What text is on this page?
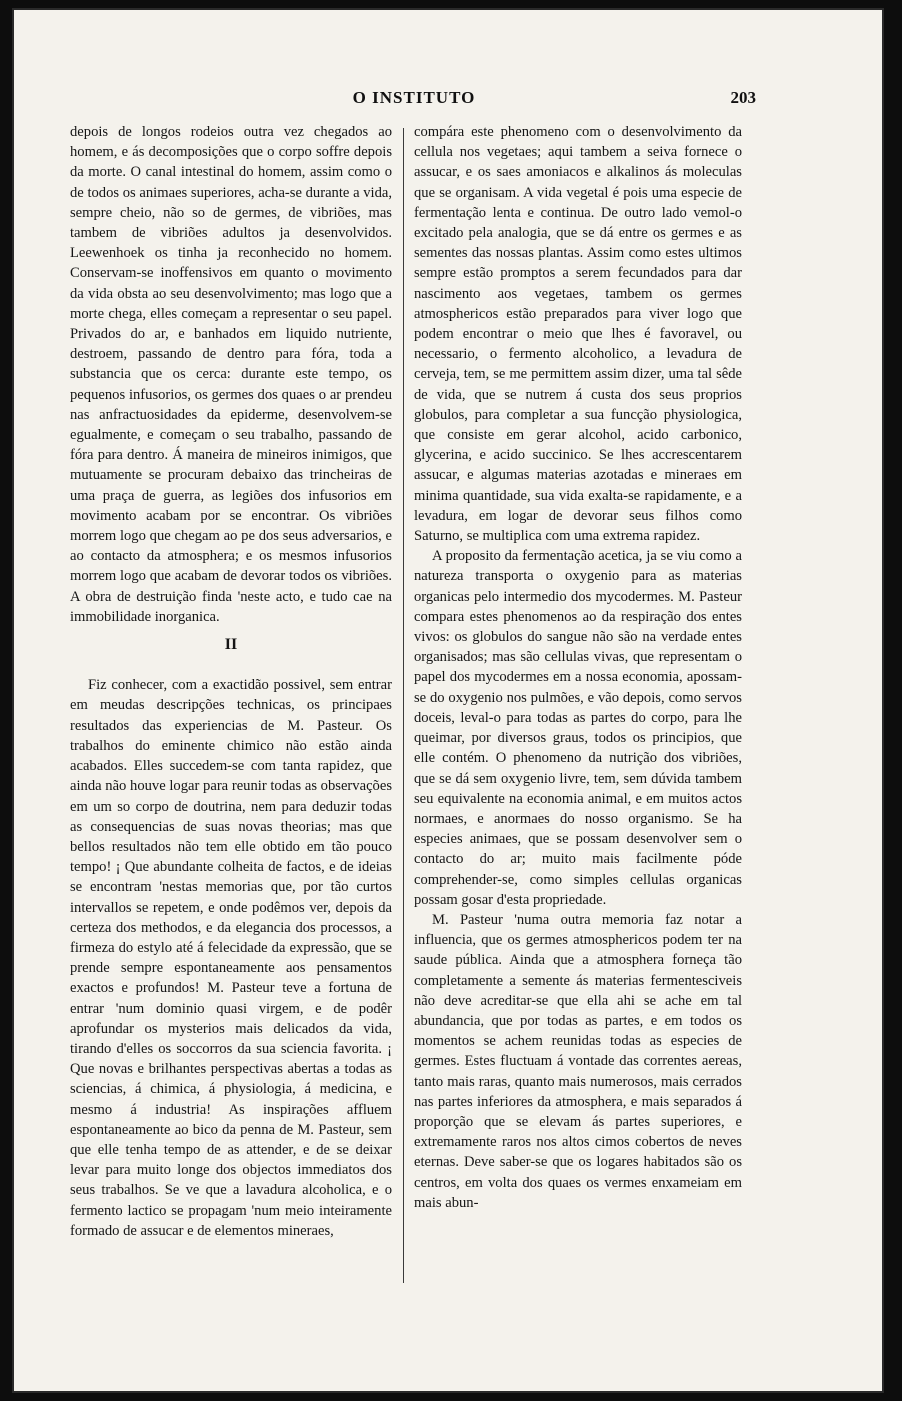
O INSTITUTO	203

depois de longos rodeios outra vez chegados ao homem, e ás decomposições que o corpo soffre depois da morte. O canal intestinal do homem, assim como o de todos os animaes superiores, acha-se durante a vida, sempre cheio, não so de germes, de vibriões, mas tambem de vibriões adultos ja desenvolvidos. Leewenhoek os tinha ja reconhecido no homem. Conservam-se inoffensivos em quanto o movimento da vida obsta ao seu desenvolvimento; mas logo que a morte chega, elles começam a representar o seu papel. Privados do ar, e banhados em liquido nutriente, destroem, passando de dentro para fóra, toda a substancia que os cerca: durante este tempo, os pequenos infusorios, os germes dos quaes o ar prendeu nas anfractuosidades da epiderme, desenvolvem-se egualmente, e começam o seu trabalho, passando de fóra para dentro. Á maneira de mineiros inimigos, que mutuamente se procuram debaixo das trincheiras de uma praça de guerra, as legiões dos infusorios em movimento acabam por se encontrar. Os vibriões morrem logo que chegam ao pe dos seus adversarios, e ao contacto da atmosphera; e os mesmos infusorios morrem logo que acabam de devorar todos os vibriões. A obra de destruição finda 'neste acto, e tudo cae na immobilidade inorganica.

II

Fiz conhecer, com a exactidão possivel, sem entrar em meudas descripções technicas, os principaes resultados das experiencias de M. Pasteur. Os trabalhos do eminente chimico não estão ainda acabados. Elles succedem-se com tanta rapidez, que ainda não houve logar para reunir todas as observações em um so corpo de doutrina, nem para deduzir todas as consequencias de suas novas theorias; mas que bellos resultados não tem elle obtido em tão pouco tempo! ¡ Que abundante colheita de factos, e de ideias se encontram 'nestas memorias que, por tão curtos intervallos se repetem, e onde podêmos ver, depois da certeza dos methodos, e da elegancia dos processos, a firmeza do estylo até á felecidade da expressão, que se prende sempre espontaneamente aos pensamentos exactos e profundos! M. Pasteur teve a fortuna de entrar 'num dominio quasi virgem, e de podêr aprofundar os mysterios mais delicados da vida, tirando d'elles os soccorros da sua sciencia favorita. ¡ Que novas e brilhantes perspectivas abertas a todas as sciencias, á chimica, á physiologia, á medicina, e mesmo á industria! As inspirações affluem espontaneamente ao bico da penna de M. Pasteur, sem que elle tenha tempo de as attender, e de se deixar levar para muito longe dos objectos immediatos dos seus trabalhos. Se ve que a lavadura alcoholica, e o fermento lactico se propagam 'num meio inteiramente formado de assucar e de elementos mineraes,

compára este phenomeno com o desenvolvimento da cellula nos vegetaes; aqui tambem a seiva fornece o assucar, e os saes amoniacos e alkalinos ás moleculas que se organisam. A vida vegetal é pois uma especie de fermentação lenta e continua. De outro lado vemol-o excitado pela analogia, que se dá entre os germes e as sementes das nossas plantas. Assim como estes ultimos sempre estão promptos a serem fecundados para dar nascimento aos vegetaes, tambem os germes atmosphericos estão preparados para viver logo que podem encontrar o meio que lhes é favoravel, ou necessario, o fermento alcoholico, a levadura de cerveja, tem, se me permittem assim dizer, uma tal sêde de vida, que se nutrem á custa dos seus proprios globulos, para completar a sua funcção physiologica, que consiste em gerar alcohol, acido carbonico, glycerina, e acido succinico. Se lhes accrescentarem assucar, e algumas materias azotadas e mineraes em minima quantidade, sua vida exalta-se rapidamente, e a levadura, em logar de devorar seus filhos como Saturno, se multiplica com uma extrema rapidez.

A proposito da fermentação acetica, ja se viu como a natureza transporta o oxygenio para as materias organicas pelo intermedio dos mycodermes. M. Pasteur compara estes phenomenos ao da respiração dos entes vivos: os globulos do sangue não são na verdade entes organisados; mas são cellulas vivas, que representam o papel dos mycodermes em a nossa economia, apossam-se do oxygenio nos pulmões, e vão depois, como servos doceis, leval-o para todas as partes do corpo, para lhe queimar, por diversos graus, todos os principios, que elle contém. O phenomeno da nutrição dos vibriões, que se dá sem oxygenio livre, tem, sem dúvida tambem seu equivalente na economia animal, e em muitos actos normaes, e anormaes do nosso organismo. Se ha especies animaes, que se possam desenvolver sem o contacto do ar; muito mais facilmente póde comprehender-se, como simples cellulas organicas possam gosar d'esta propriedade.

M. Pasteur 'numa outra memoria faz notar a influencia, que os germes atmosphericos podem ter na saude pública. Ainda que a atmosphera forneça tão completamente a semente ás materias fermentesciveis não deve acreditar-se que ella ahi se ache em tal abundancia, que por todas as partes, e em todos os momentos se achem reunidas todas as especies de germes. Estes fluctuam á vontade das correntes aereas, tanto mais raras, quanto mais numerosos, mais cerrados nas partes inferiores da atmosphera, e mais separados á proporção que se elevam ás partes superiores, e extremamente raros nos altos cimos cobertos de neves eternas. Deve saber-se que os logares habitados são os centros, em volta dos quaes os vermes enxameiam em mais abun-
